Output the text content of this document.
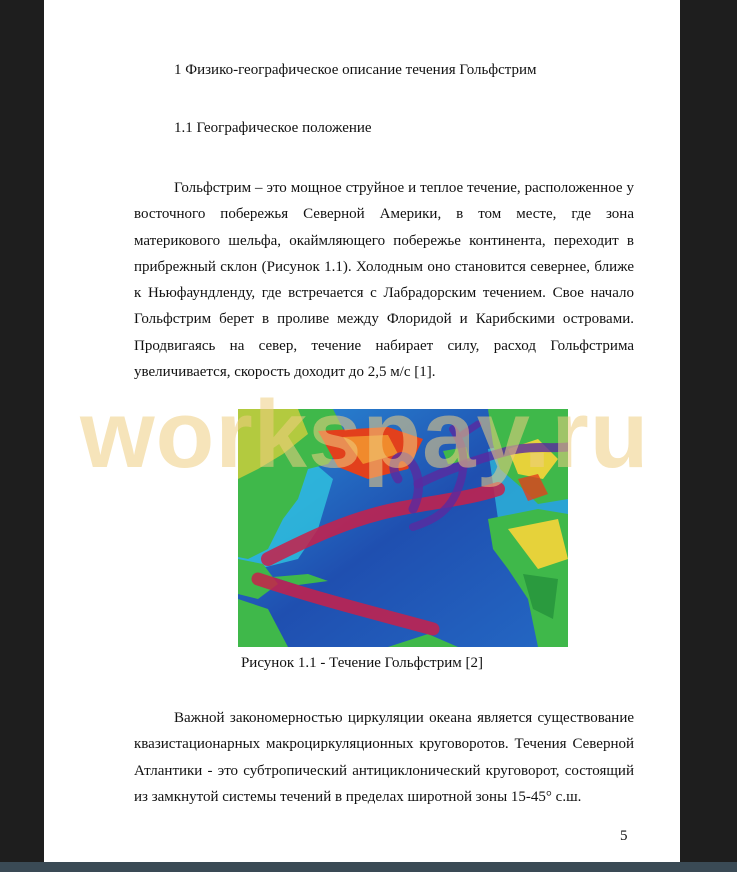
1 Физико-географическое описание течения Гольфстрим
1.1 Географическое положение
Гольфстрим – это мощное струйное и теплое течение, расположенное у восточного побережья Северной Америки, в том месте, где зона материкового шельфа, окаймляющего побережье континента, переходит в прибрежный склон (Рисунок 1.1). Холодным оно становится севернее, ближе к Ньюфаундленду, где встречается с Лабрадорским течением. Свое начало Гольфстрим берет в проливе между Флоридой и Карибскими островами. Продвигаясь на север, течение набирает силу, расход Гольфстрима увеличивается, скорость доходит до 2,5 м/с [1].
Рисунок 1.1 - Течение Гольфстрим [2]
Важной закономерностью циркуляции океана является существование квазистационарных макроциркуляционных круговоротов. Течения Северной Атлантики - это субтропический антициклонический круговорот, состоящий из замкнутой системы течений в пределах широтной зоны 15-45° с.ш.
5
workspay.ru
